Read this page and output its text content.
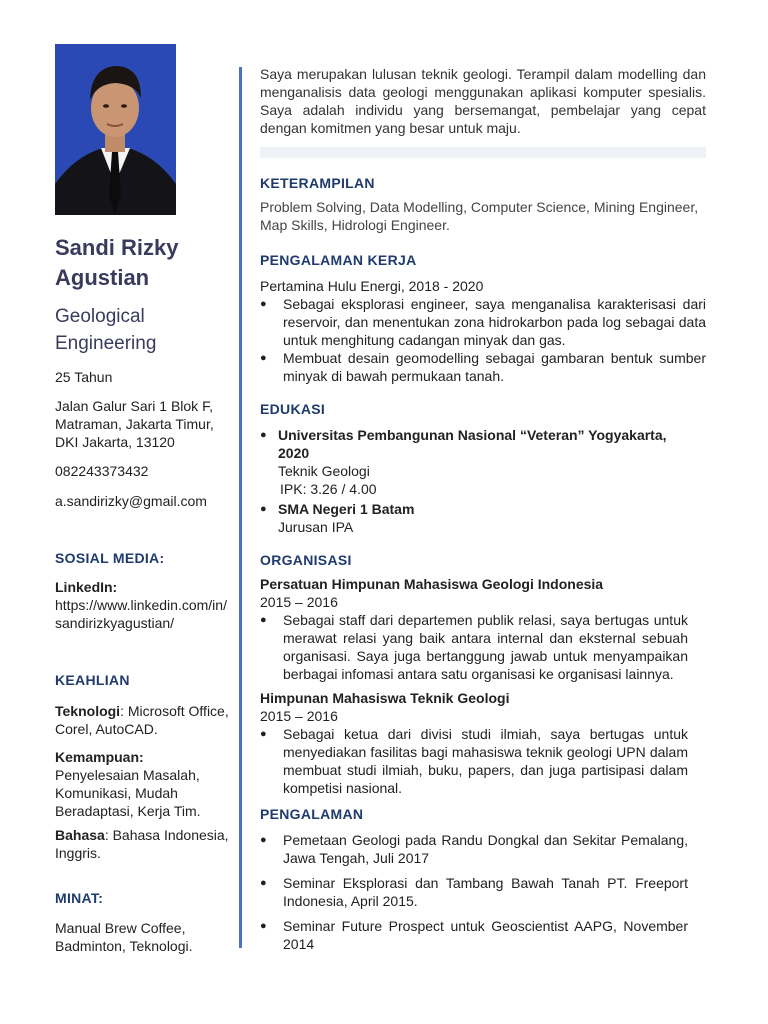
Sandi Rizky
Agustian
Geological
Engineering
25 Tahun
Jalan Galur Sari 1 Blok F,
Matraman, Jakarta Timur,
DKI Jakarta, 13120
082243373432
a.sandirizky@gmail.com
SOSIAL MEDIA:
LinkedIn:
https://www.linkedin.com/in/
sandirizkyagustian/
KEAHLIAN
Teknologi: Microsoft Office, Corel, AutoCAD.
Kemampuan:
Penyelesaian Masalah, Komunikasi, Mudah Beradaptasi, Kerja Tim.
Bahasa: Bahasa Indonesia, Inggris.
MINAT:
Manual Brew Coffee, Badminton, Teknologi.
Saya merupakan lulusan teknik geologi. Terampil dalam modelling dan menganalisis data geologi menggunakan aplikasi komputer spesialis. Saya adalah individu yang bersemangat, pembelajar yang cepat dengan komitmen yang besar untuk maju.
KETERAMPILAN
Problem Solving, Data Modelling, Computer Science, Mining Engineer, Map Skills, Hidrologi Engineer.
PENGALAMAN KERJA
Pertamina Hulu Energi, 2018 - 2020
● Sebagai eksplorasi engineer, saya menganalisa karakterisasi dari reservoir, dan menentukan zona hidrokarbon pada log sebagai data untuk menghitung cadangan minyak dan gas.
● Membuat desain geomodelling sebagai gambaran bentuk sumber minyak di bawah permukaan tanah.
EDUKASI
● Universitas Pembangunan Nasional “Veteran” Yogyakarta,
2020
Teknik Geologi
IPK: 3.26 / 4.00
● SMA Negeri 1 Batam
Jurusan IPA
ORGANISASI
Persatuan Himpunan Mahasiswa Geologi Indonesia
2015 – 2016
● Sebagai staff dari departemen publik relasi, saya bertugas untuk merawat relasi yang baik antara internal dan eksternal sebuah organisasi. Saya juga bertanggung jawab untuk menyampaikan berbagai infomasi antara satu organisasi ke organisasi lainnya.
Himpunan Mahasiswa Teknik Geologi
2015 – 2016
● Sebagai ketua dari divisi studi ilmiah, saya bertugas untuk menyediakan fasilitas bagi mahasiswa teknik geologi UPN dalam membuat studi ilmiah, buku, papers, dan juga partisipasi dalam kompetisi nasional.
PENGALAMAN
● Pemetaan Geologi pada Randu Dongkal dan Sekitar Pemalang, Jawa Tengah, Juli 2017
● Seminar Eksplorasi dan Tambang Bawah Tanah PT. Freeport Indonesia, April 2015.
● Seminar Future Prospect untuk Geoscientist AAPG, November 2014
